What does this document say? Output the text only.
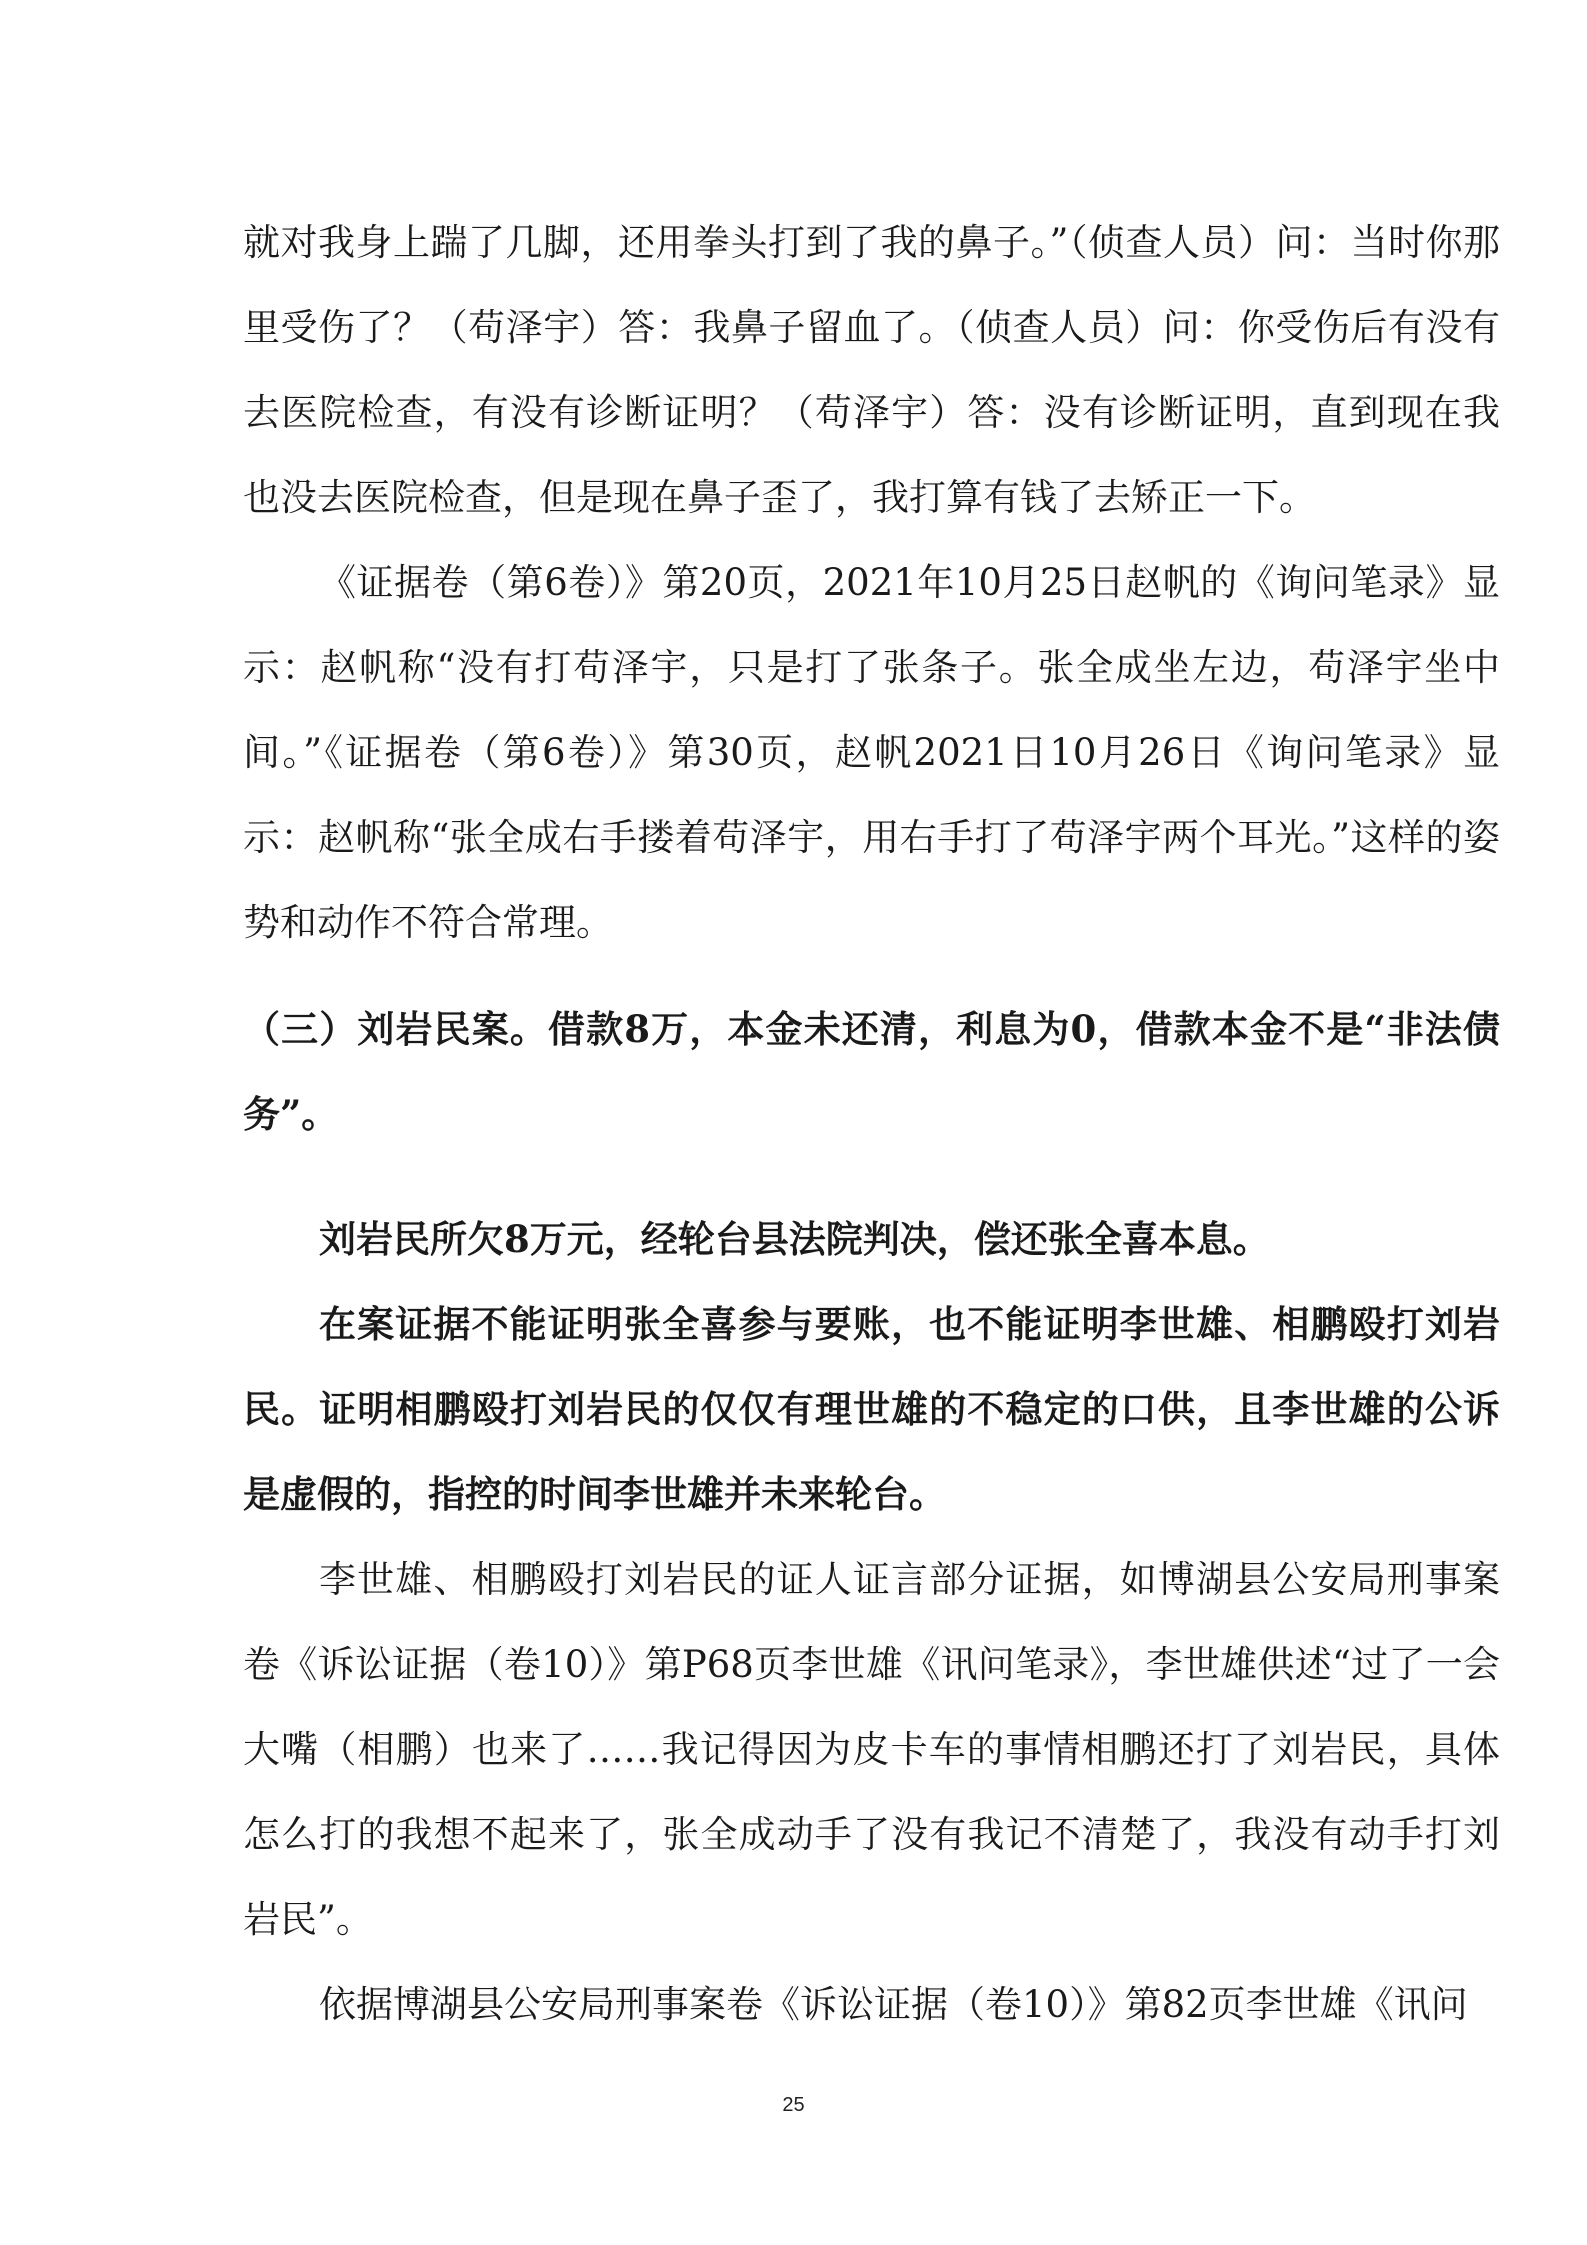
就对我身上踹了几脚，还用拳头打到了我的鼻子。”（侦查人员）问：当时你那里受伤了？（苟泽宇）答：我鼻子留血了。（侦查人员）问：你受伤后有没有去医院检查，有没有诊断证明？（苟泽宇）答：没有诊断证明，直到现在我也没去医院检查，但是现在鼻子歪了，我打算有钱了去矫正一下。

《证据卷（第6卷）》第20页，2021年10月25日赵帆的《询问笔录》显示：赵帆称“没有打苟泽宇，只是打了张条子。张全成坐左边，苟泽宇坐中间。”《证据卷（第6卷）》第30页，赵帆2021日10月26日《询问笔录》显示：赵帆称“张全成右手搂着苟泽宇，用右手打了苟泽宇两个耳光。”这样的姿势和动作不符合常理。

（三）刘岩民案。借款8万，本金未还清，利息为0，借款本金不是“非法债务”。

刘岩民所欠8万元，经轮台县法院判决，偿还张全喜本息。

在案证据不能证明张全喜参与要账，也不能证明李世雄、相鹏殴打刘岩民。证明相鹏殴打刘岩民的仅仅有理世雄的不稳定的口供，且李世雄的公诉是虚假的，指控的时间李世雄并未来轮台。

李世雄、相鹏殴打刘岩民的证人证言部分证据，如博湖县公安局刑事案卷《诉讼证据（卷10）》第P68页李世雄《讯问笔录》，李世雄供述“过了一会大嘴（相鹏）也来了……我记得因为皮卡车的事情相鹏还打了刘岩民，具体怎么打的我想不起来了，张全成动手了没有我记不清楚了，我没有动手打刘岩民”。

依据博湖县公安局刑事案卷《诉讼证据（卷10）》第82页李世雄《讯问

25
